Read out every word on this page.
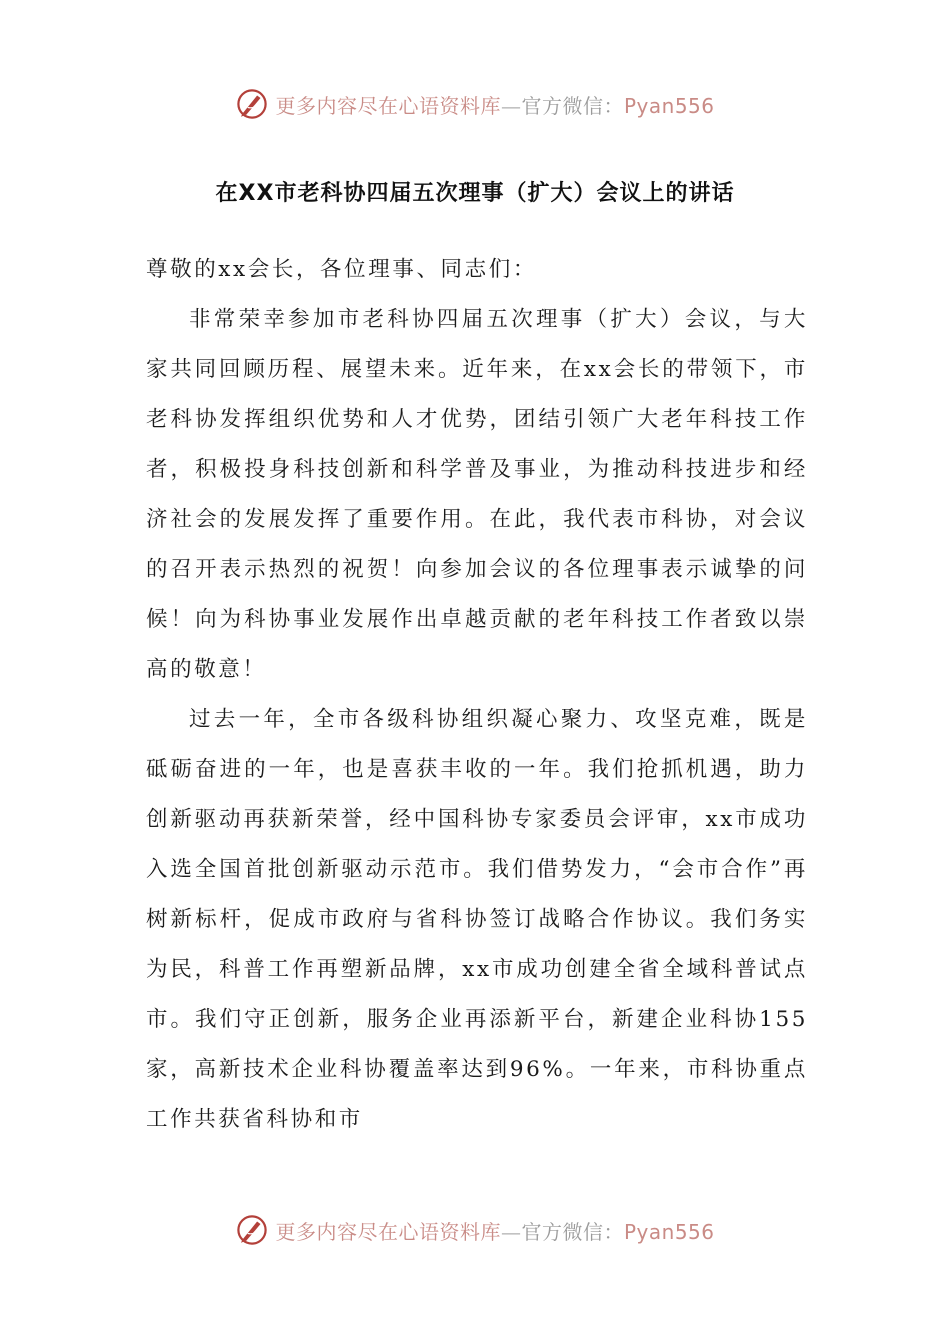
更多内容尽在心语资料库—官方微信：Pyan556
在XX市老科协四届五次理事（扩大）会议上的讲话

尊敬的xx会长，各位理事、同志们：

非常荣幸参加市老科协四届五次理事（扩大）会议，与大家共同回顾历程、展望未来。近年来，在xx会长的带领下，市老科协发挥组织优势和人才优势，团结引领广大老年科技工作者，积极投身科技创新和科学普及事业，为推动科技进步和经济社会的发展发挥了重要作用。在此，我代表市科协，对会议的召开表示热烈的祝贺！向参加会议的各位理事表示诚挚的问候！向为科协事业发展作出卓越贡献的老年科技工作者致以崇高的敬意！

过去一年，全市各级科协组织凝心聚力、攻坚克难，既是砥砺奋进的一年，也是喜获丰收的一年。我们抢抓机遇，助力创新驱动再获新荣誉，经中国科协专家委员会评审，xx市成功入选全国首批创新驱动示范市。我们借势发力，“会市合作”再树新标杆，促成市政府与省科协签订战略合作协议。我们务实为民，科普工作再塑新品牌，xx市成功创建全省全域科普试点市。我们守正创新，服务企业再添新平台，新建企业科协155家，高新技术企业科协覆盖率达到96%。一年来，市科协重点工作共获省科协和市

更多内容尽在心语资料库—官方微信：Pyan556
